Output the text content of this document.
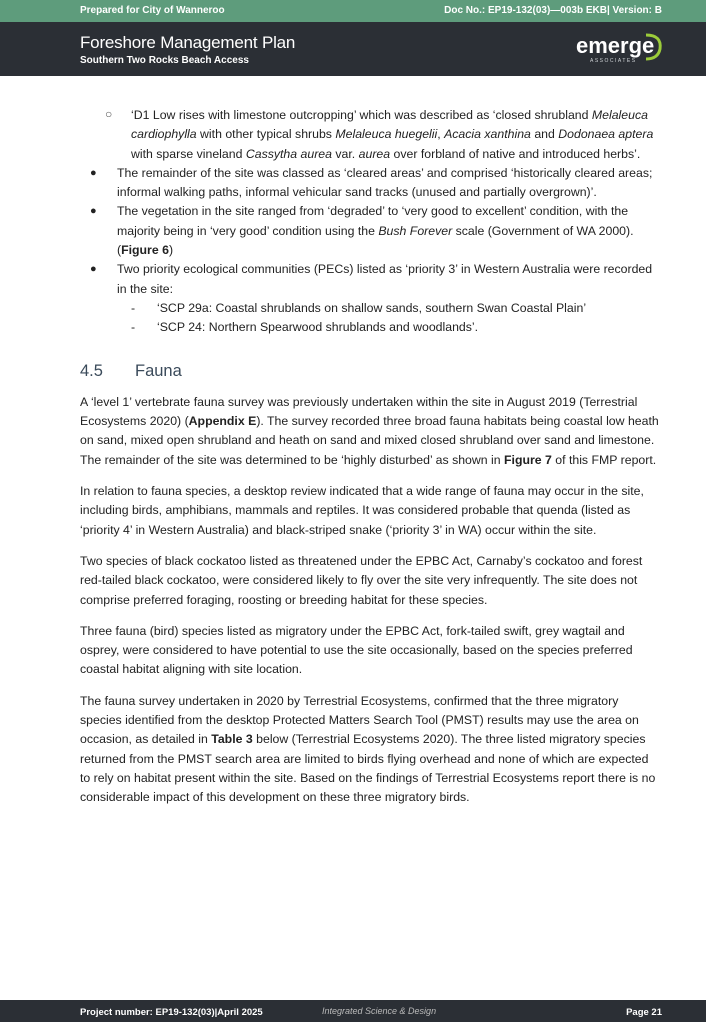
Prepared for City of Wanneroo	Doc No.: EP19-132(03)—003b EKB| Version: B
Foreshore Management Plan
Southern Two Rocks Beach Access
emerge
ASSOCIATES
○ ‘D1 Low rises with limestone outcropping’ which was described as ‘closed shrubland Melaleuca cardiophylla with other typical shrubs Melaleuca huegelii, Acacia xanthina and Dodonaea aptera with sparse vineland Cassytha aurea var. aurea over forbland of native and introduced herbs’.
● The remainder of the site was classed as ‘cleared areas’ and comprised ‘historically cleared areas; informal walking paths, informal vehicular sand tracks (unused and partially overgrown)’.
● The vegetation in the site ranged from ‘degraded’ to ‘very good to excellent’ condition, with the majority being in ‘very good’ condition using the Bush Forever scale (Government of WA 2000). (Figure 6)
● Two priority ecological communities (PECs) listed as ‘priority 3’ in Western Australia were recorded in the site:
- ‘SCP 29a: Coastal shrublands on shallow sands, southern Swan Coastal Plain’
- ‘SCP 24: Northern Spearwood shrublands and woodlands’.
4.5 Fauna

A ‘level 1’ vertebrate fauna survey was previously undertaken within the site in August 2019 (Terrestrial Ecosystems 2020) (Appendix E). The survey recorded three broad fauna habitats being coastal low heath on sand, mixed open shrubland and heath on sand and mixed closed shrubland over sand and limestone. The remainder of the site was determined to be ‘highly disturbed’ as shown in Figure 7 of this FMP report.

In relation to fauna species, a desktop review indicated that a wide range of fauna may occur in the site, including birds, amphibians, mammals and reptiles. It was considered probable that quenda (listed as ‘priority 4’ in Western Australia) and black-striped snake (‘priority 3’ in WA) occur within the site.

Two species of black cockatoo listed as threatened under the EPBC Act, Carnaby’s cockatoo and forest red-tailed black cockatoo, were considered likely to fly over the site very infrequently. The site does not comprise preferred foraging, roosting or breeding habitat for these species.

Three fauna (bird) species listed as migratory under the EPBC Act, fork-tailed swift, grey wagtail and osprey, were considered to have potential to use the site occasionally, based on the species preferred coastal habitat aligning with site location.

The fauna survey undertaken in 2020 by Terrestrial Ecosystems, confirmed that the three migratory species identified from the desktop Protected Matters Search Tool (PMST) results may use the area on occasion, as detailed in Table 3 below (Terrestrial Ecosystems 2020). The three listed migratory species returned from the PMST search area are limited to birds flying overhead and none of which are expected to rely on habitat present within the site. Based on the findings of Terrestrial Ecosystems report there is no considerable impact of this development on these three migratory birds.

Project number: EP19-132(03)|April 2025	Integrated Science & Design	Page 21
